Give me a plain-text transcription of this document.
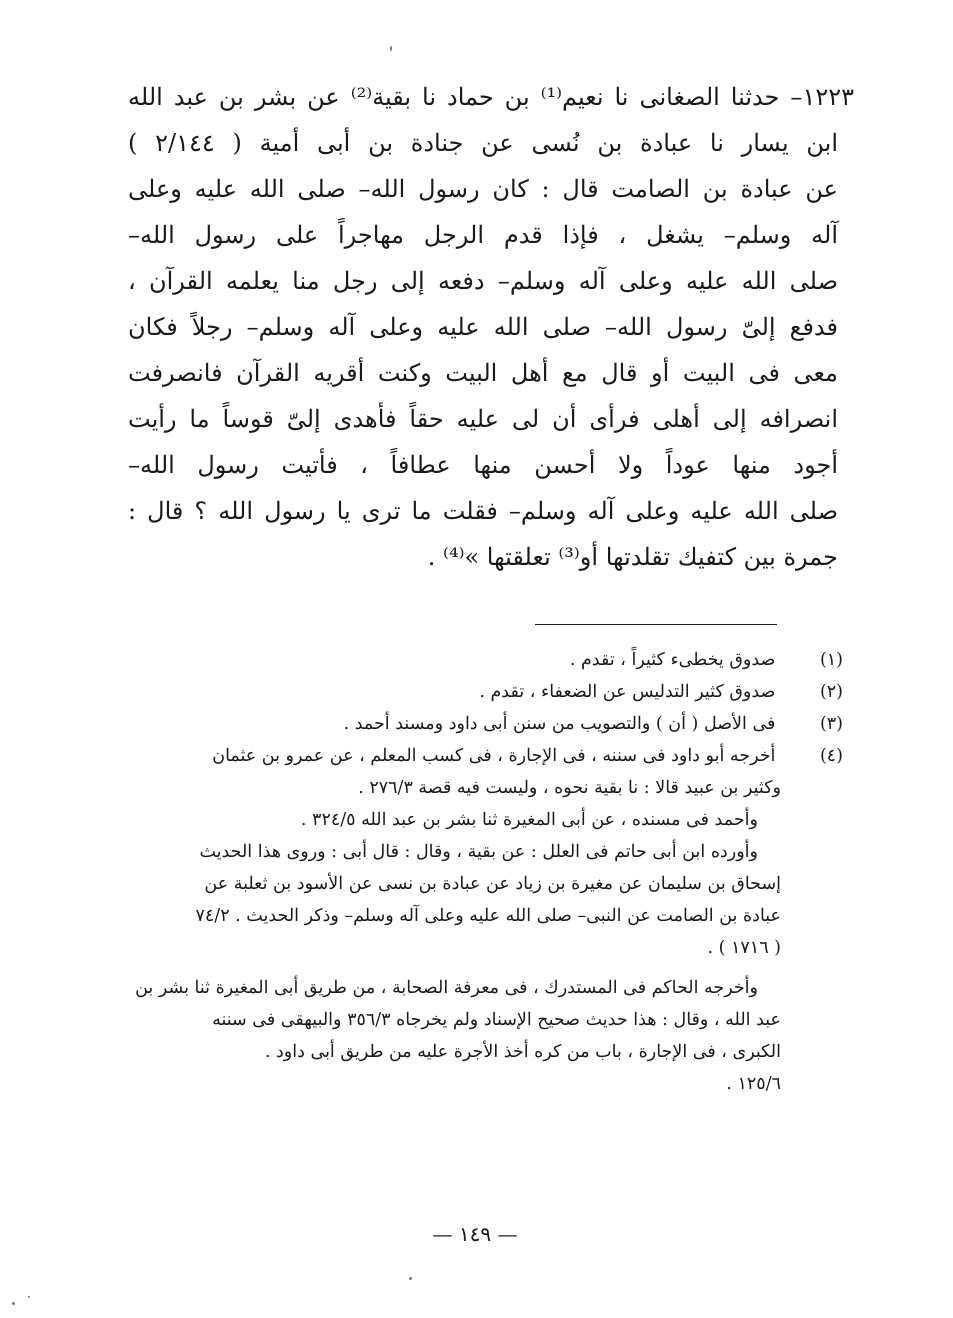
١٢٢٣– حدثنا الصغانى نا نعيم⁽¹⁾ بن حماد نا بقية⁽²⁾ عن بشر بن عبد الله
ابن يسار نا عبادة بن نُسى عن جنادة بن أبى أمية ( ٢/١٤٤ )
عن عبادة بن الصامت قال : كان رسول الله– صلى الله عليه وعلى
آله وسلم– يشغل ، فإذا قدم الرجل مهاجراً على رسول الله–
صلى الله عليه وعلى آله وسلم– دفعه إلى رجل منا يعلمه القرآن ،
فدفع إلىّ رسول الله– صلى الله عليه وعلى آله وسلم– رجلاً فكان
معى فى البيت أو قال مع أهل البيت وكنت أقريه القرآن فانصرفت
انصرافه إلى أهلى فرأى أن لى عليه حقاً فأهدى إلىّ قوساً ما رأيت
أجود منها عوداً ولا أحسن منها عطافاً ، فأتيت رسول الله–
صلى الله عليه وعلى آله وسلم– فقلت ما ترى يا رسول الله ؟ قال :
جمرة بين كتفيك تقلدتها أو⁽³⁾ تعلقتها »⁽⁴⁾ .
(١) صدوق يخطىء كثيراً ، تقدم .
(٢) صدوق كثير التدليس عن الضعفاء ، تقدم .
(٣) فى الأصل ( أن ) والتصويب من سنن أبى داود ومسند أحمد .
(٤) أخرجه أبو داود فى سننه ، فى الإجارة ، فى كسب المعلم ، عن عمرو بن عثمان
وكثير بن عبيد قالا : نا بقية نحوه ، وليست فيه قصة ٢٧٦/٣ .
وأحمد فى مسنده ، عن أبى المغيرة ثنا بشر بن عبد الله ٣٢٤/٥ .
وأورده ابن أبى حاتم فى العلل : عن بقية ، وقال : قال أبى : وروى هذا الحديث
إسحاق بن سليمان عن مغيرة بن زياد عن عبادة بن نسى عن الأسود بن ثعلبة عن
عبادة بن الصامت عن النبى– صلى الله عليه وعلى آله وسلم– وذكر الحديث . ٧٤/٢
( ١٧١٦ ) .
وأخرجه الحاكم فى المستدرك ، فى معرفة الصحابة ، من طريق أبى المغيرة ثنا بشر بن
عبد الله ، وقال : هذا حديث صحيح الإسناد ولم يخرجاه ٣٥٦/٣ والبيهقى فى سننه
الكبرى ، فى الإجارة ، باب من كره أخذ الأجرة عليه من طريق أبى داود .
١٢٥/٦ .
— ١٤٩ —
